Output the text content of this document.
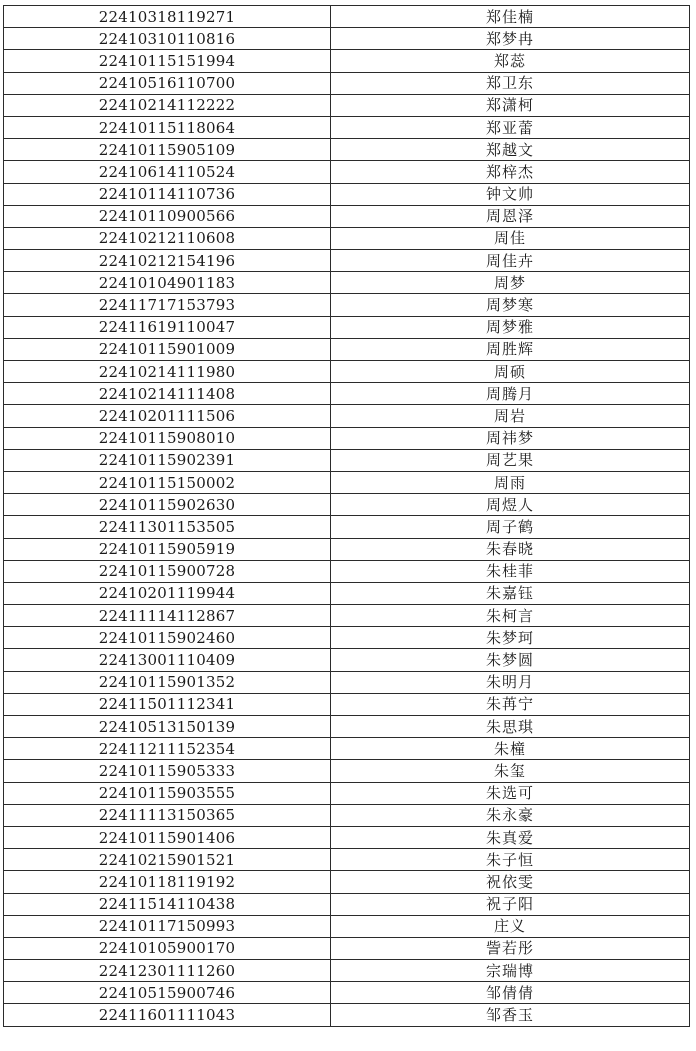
22410318119271	郑佳楠
22410310110816	郑梦冉
22410115151994	郑蕊
22410516110700	郑卫东
22410214112222	郑潇柯
22410115118064	郑亚蕾
22410115905109	郑越文
22410614110524	郑梓杰
22410114110736	钟文帅
22410110900566	周恩泽
22410212110608	周佳
22410212154196	周佳卉
22410104901183	周梦
22411717153793	周梦寒
22411619110047	周梦雅
22410115901009	周胜辉
22410214111980	周硕
22410214111408	周腾月
22410201111506	周岩
22410115908010	周祎梦
22410115902391	周艺果
22410115150002	周雨
22410115902630	周煜人
22411301153505	周子鹤
22410115905919	朱春晓
22410115900728	朱桂菲
22410201119944	朱嘉钰
22411114112867	朱柯言
22410115902460	朱梦珂
22413001110409	朱梦圆
22410115901352	朱明月
22411501112341	朱苒宁
22410513150139	朱思琪
22411211152354	朱橦
22410115905333	朱玺
22410115903555	朱选可
22411113150365	朱永豪
22410115901406	朱真爱
22410215901521	朱子恒
22410118119192	祝依雯
22411514110438	祝子阳
22410117150993	庄义
22410105900170	訾若彤
22412301111260	宗瑞博
22410515900746	邹倩倩
22411601111043	邹香玉
